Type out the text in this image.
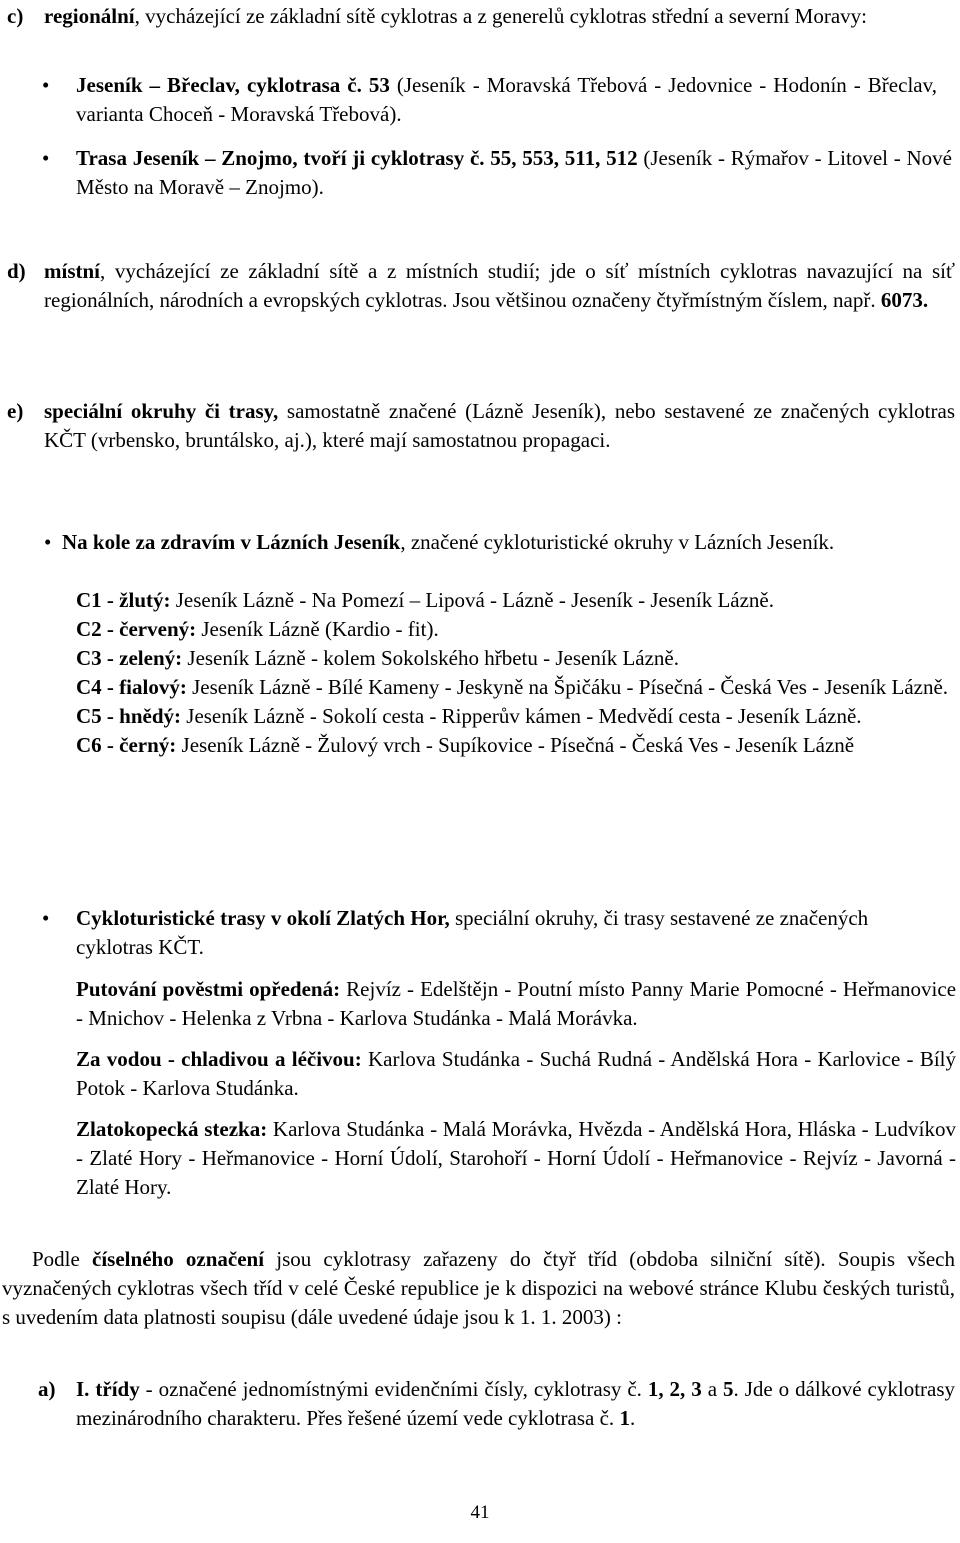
c) regionální, vycházející ze základní sítě cyklotras a z generelů cyklotras střední a severní Moravy:
•	Jeseník – Břeclav, cyklotrasa č. 53 (Jeseník - Moravská Třebová - Jedovnice - Hodonín - Břeclav, varianta Choceň - Moravská Třebová).
•	Trasa Jeseník – Znojmo, tvoří ji cyklotrasy č. 55, 553, 511, 512 (Jeseník - Rýmařov - Litovel - Nové Město na Moravě – Znojmo).
d) místní, vycházející ze základní sítě a z místních studií; jde o síť místních cyklotras navazující na síť regionálních, národních a evropských cyklotras. Jsou většinou označeny čtyřmístným číslem, např. 6073.
e) speciální okruhy či trasy, samostatně značené (Lázně Jeseník), nebo sestavené ze značených cyklotras KČT (vrbensko, bruntálsko, aj.), které mají samostatnou propagaci.
• Na kole za zdravím v Lázních Jeseník, značené cykloturistické okruhy v Lázních Jeseník.

C1 - žlutý: Jeseník Lázně - Na Pomezí – Lipová - Lázně - Jeseník - Jeseník Lázně.

C2 - červený: Jeseník Lázně (Kardio - fit).

C3 - zelený: Jeseník Lázně - kolem Sokolského hřbetu - Jeseník Lázně.

C4 - fialový: Jeseník Lázně - Bílé Kameny - Jeskyně na Špičáku - Písečná - Česká Ves - Jeseník Lázně.

C5 - hnědý: Jeseník Lázně - Sokolí cesta - Ripperův kámen - Medvědí cesta - Jeseník Lázně.

C6 - černý: Jeseník Lázně - Žulový vrch - Supíkovice - Písečná - Česká Ves - Jeseník Lázně

•	Cykloturistické trasy v okolí Zlatých Hor, speciální okruhy, či trasy sestavené ze značených cyklotras KČT.

Putování pověstmi opředená: Rejvíz - Edelštějn - Poutní místo Panny Marie Pomocné - Heřmanovice - Mnichov - Helenka z Vrbna - Karlova Studánka - Malá Morávka.

Za vodou - chladivou a léčivou: Karlova Studánka - Suchá Rudná - Andělská Hora - Karlovice - Bílý Potok - Karlova Studánka.

Zlatokopecká stezka: Karlova Studánka - Malá Morávka, Hvězda - Andělská Hora, Hláska - Ludvíkov - Zlaté Hory - Heřmanovice - Horní Údolí, Starohoří - Horní Údolí - Heřmanovice - Rejvíz - Javorná - Zlaté Hory.

Podle číselného označení jsou cyklotrasy zařazeny do čtyř tříd (obdoba silniční sítě). Soupis všech vyznačených cyklotras všech tříd v celé České republice je k dispozici na webové stránce Klubu českých turistů, s uvedením data platnosti soupisu (dále uvedené údaje jsou k 1. 1. 2003) :
a) I. třídy - označené jednomístnými evidenčními čísly, cyklotrasy č. 1, 2, 3 a 5. Jde o dálkové cyklotrasy mezinárodního charakteru. Přes řešené území vede cyklotrasa č. 1.
41
